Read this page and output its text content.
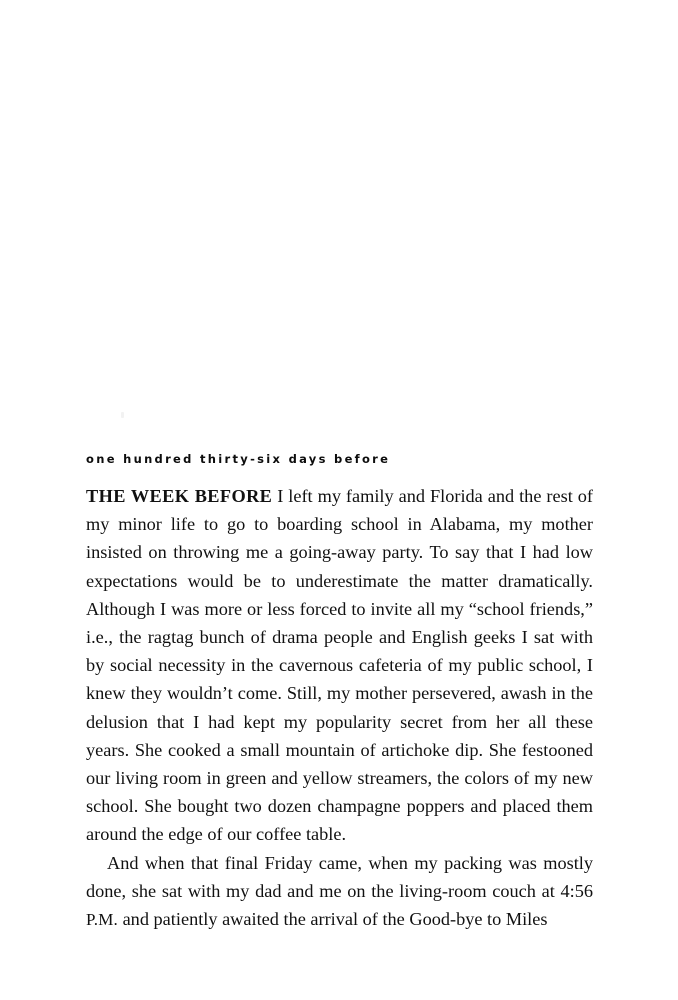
one hundred thirty-six days before

THE WEEK BEFORE I left my family and Florida and the rest of my minor life to go to boarding school in Alabama, my mother insisted on throwing me a going-away party. To say that I had low expectations would be to underestimate the matter dramatically. Although I was more or less forced to invite all my “school friends,” i.e., the ragtag bunch of drama people and English geeks I sat with by social necessity in the cavernous cafeteria of my public school, I knew they wouldn’t come. Still, my mother persevered, awash in the delusion that I had kept my popularity secret from her all these years. She cooked a small mountain of artichoke dip. She festooned our living room in green and yellow streamers, the colors of my new school. She bought two dozen champagne poppers and placed them around the edge of our coffee table.

And when that final Friday came, when my packing was mostly done, she sat with my dad and me on the living-room couch at 4:56 P.M. and patiently awaited the arrival of the Good-bye to Miles
